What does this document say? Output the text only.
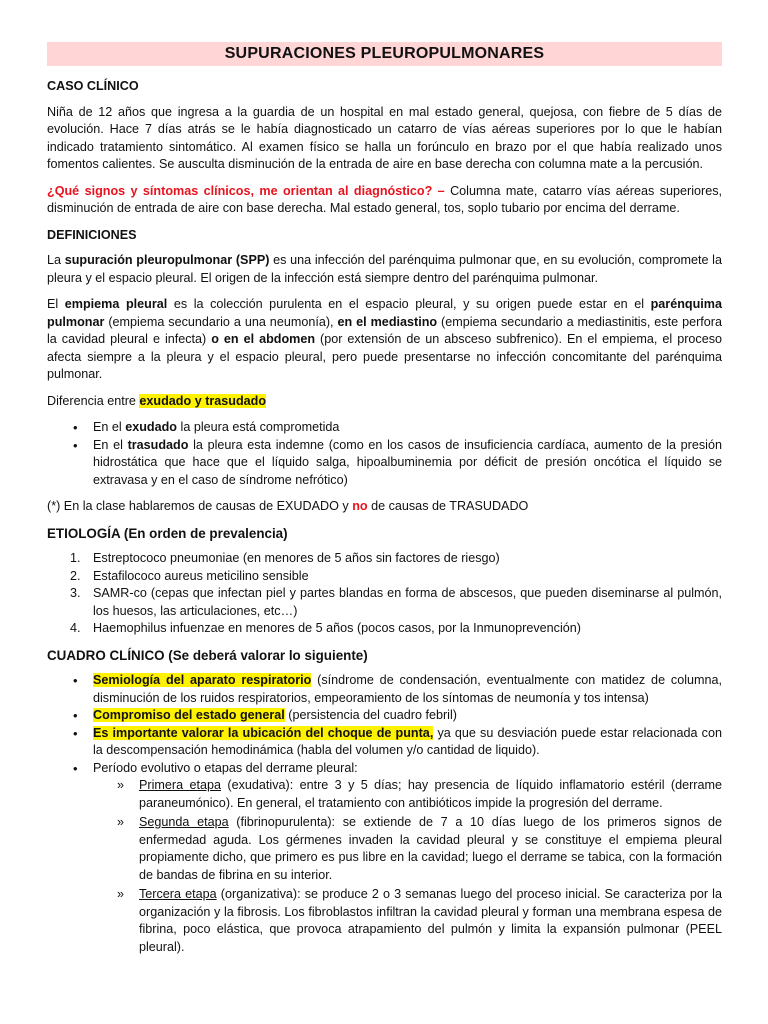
SUPURACIONES PLEUROPULMONARES
CASO CLÍNICO

Niña de 12 años que ingresa a la guardia de un hospital en mal estado general, quejosa, con fiebre de 5 días de evolución. Hace 7 días atrás se le había diagnosticado un catarro de vías aéreas superiores por lo que le habían indicado tratamiento sintomático. Al examen físico se halla un forúnculo en brazo por el que había realizado unos fomentos calientes. Se ausculta disminución de la entrada de aire en base derecha con columna mate a la percusión.

¿Qué signos y síntomas clínicos, me orientan al diagnóstico? – Columna mate, catarro vías aéreas superiores, disminución de entrada de aire con base derecha. Mal estado general, tos, soplo tubario por encima del derrame.

DEFINICIONES

La supuración pleuropulmonar (SPP) es una infección del parénquima pulmonar que, en su evolución, compromete la pleura y el espacio pleural. El origen de la infección está siempre dentro del parénquima pulmonar.

El empiema pleural es la colección purulenta en el espacio pleural, y su origen puede estar en el parénquima pulmonar (empiema secundario a una neumonía), en el mediastino (empiema secundario a mediastinitis, este perfora la cavidad pleural e infecta) o en el abdomen (por extensión de un absceso subfrenico). En el empiema, el proceso afecta siempre a la pleura y el espacio pleural, pero puede presentarse no infección concomitante del parénquima pulmonar.

Diferencia entre exudado y trasudado

• En el exudado la pleura está comprometida
• En el trasudado la pleura esta indemne (como en los casos de insuficiencia cardíaca, aumento de la presión hidrostática que hace que el líquido salga, hipoalbuminemia por déficit de presión oncótica el líquido se extravasa y en el caso de síndrome nefrótico)

(*) En la clase hablaremos de causas de EXUDADO y no de causas de TRASUDADO

ETIOLOGÍA (En orden de prevalencia)
1. Estreptococo pneumoniae (en menores de 5 años sin factores de riesgo)
2. Estafilococo aureus meticilino sensible
3. SAMR-co (cepas que infectan piel y partes blandas en forma de abscesos, que pueden diseminarse al pulmón, los huesos, las articulaciones, etc…)
4. Haemophilus infuenzae en menores de 5 años (pocos casos, por la Inmunoprevención)
CUADRO CLÍNICO (Se deberá valorar lo siguiente)
• Semiología del aparato respiratorio (síndrome de condensación, eventualmente con matidez de columna, disminución de los ruidos respiratorios, empeoramiento de los síntomas de neumonía y tos intensa)
• Compromiso del estado general (persistencia del cuadro febril)
• Es importante valorar la ubicación del choque de punta, ya que su desviación puede estar relacionada con la descompensación hemodinámica (habla del volumen y/o cantidad de liquido).
• Período evolutivo o etapas del derrame pleural:
» Primera etapa (exudativa): entre 3 y 5 días; hay presencia de líquido inflamatorio estéril (derrame paraneumónico). En general, el tratamiento con antibióticos impide la progresión del derrame.
» Segunda etapa (fibrinopurulenta): se extiende de 7 a 10 días luego de los primeros signos de enfermedad aguda. Los gérmenes invaden la cavidad pleural y se constituye el empiema pleural propiamente dicho, que primero es pus libre en la cavidad; luego el derrame se tabica, con la formación de bandas de fibrina en su interior.
» Tercera etapa (organizativa): se produce 2 o 3 semanas luego del proceso inicial. Se caracteriza por la organización y la fibrosis. Los fibroblastos infiltran la cavidad pleural y forman una membrana espesa de fibrina, poco elástica, que provoca atrapamiento del pulmón y limita la expansión pulmonar (PEEL pleural).
